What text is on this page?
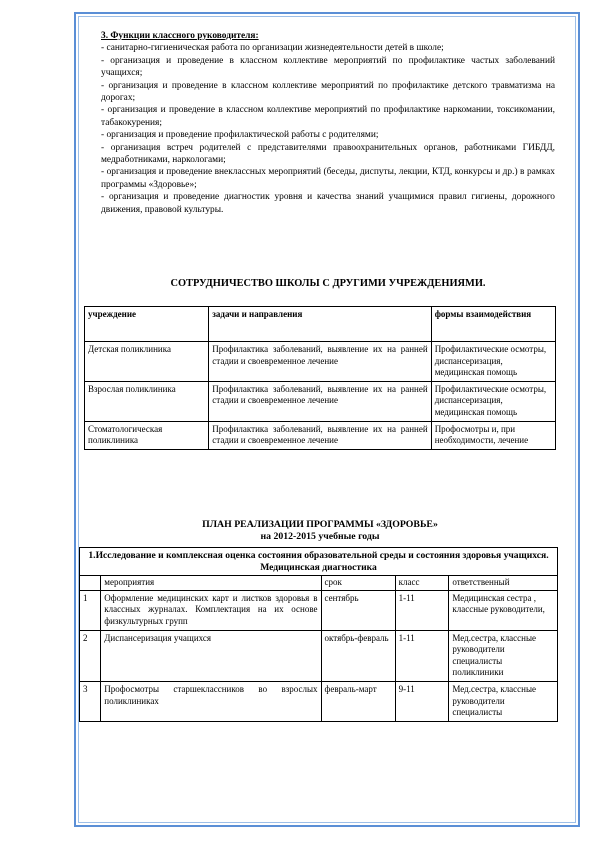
3. Функции классного руководителя:

- санитарно-гигиеническая работа по организации жизнедеятельности детей в школе;

- организация и проведение в классном коллективе мероприятий по профилактике частых заболеваний учащихся;

- организация и проведение в классном коллективе мероприятий по профилактике детского травматизма на дорогах;

- организация и проведение в классном коллективе мероприятий по профилактике наркомании, токсикомании, табакокурения;

- организация и проведение профилактической работы с родителями;

- организация встреч родителей с представителями правоохранительных органов, работниками ГИБДД, медработниками, наркологами;

- организация и проведение внеклассных мероприятий (беседы, диспуты, лекции, КТД, конкурсы и др.) в рамках программы «Здоровье»;

- организация и проведение диагностик уровня и качества знаний учащимися правил гигиены, дорожного движения, правовой культуры.

СОТРУДНИЧЕСТВО ШКОЛЫ С ДРУГИМИ УЧРЕЖДЕНИЯМИ.
учреждение	задачи и направления	формы взаимодействия
Детская поликлиника	Профилактика заболеваний, выявление их на ранней стадии и своевременное лечение	Профилактические осмотры, диспансеризация, медицинская помощь
Взрослая поликлиника	Профилактика заболеваний, выявление их на ранней стадии и своевременное лечение	Профилактические осмотры, диспансеризация, медицинская помощь
Стоматологическая поликлиника	Профилактика заболеваний, выявление их на ранней стадии и своевременное лечение	Профосмотры и, при необходимости, лечение
ПЛАН РЕАЛИЗАЦИИ ПРОГРАММЫ «ЗДОРОВЬЕ»
на 2012-2015 учебные годы
1.Исследование и комплексная оценка состояния образовательной среды и состояния здоровья учащихся. Медицинская диагностика				
	мероприятия	срок	класс	ответственный
1	Оформление медицинских карт и листков здоровья в классных журналах. Комплектация на их основе физкультурных групп	сентябрь	1-11	Медицинская сестра , классные руководители,
2	Диспансеризация учащихся	октябрь-февраль	1-11	Мед.сестра, классные руководители специалисты поликлиники
3	Профосмотры старшеклассников во взрослых поликлиниках	февраль-март	9-11	Мед.сестра, классные руководители специалисты
